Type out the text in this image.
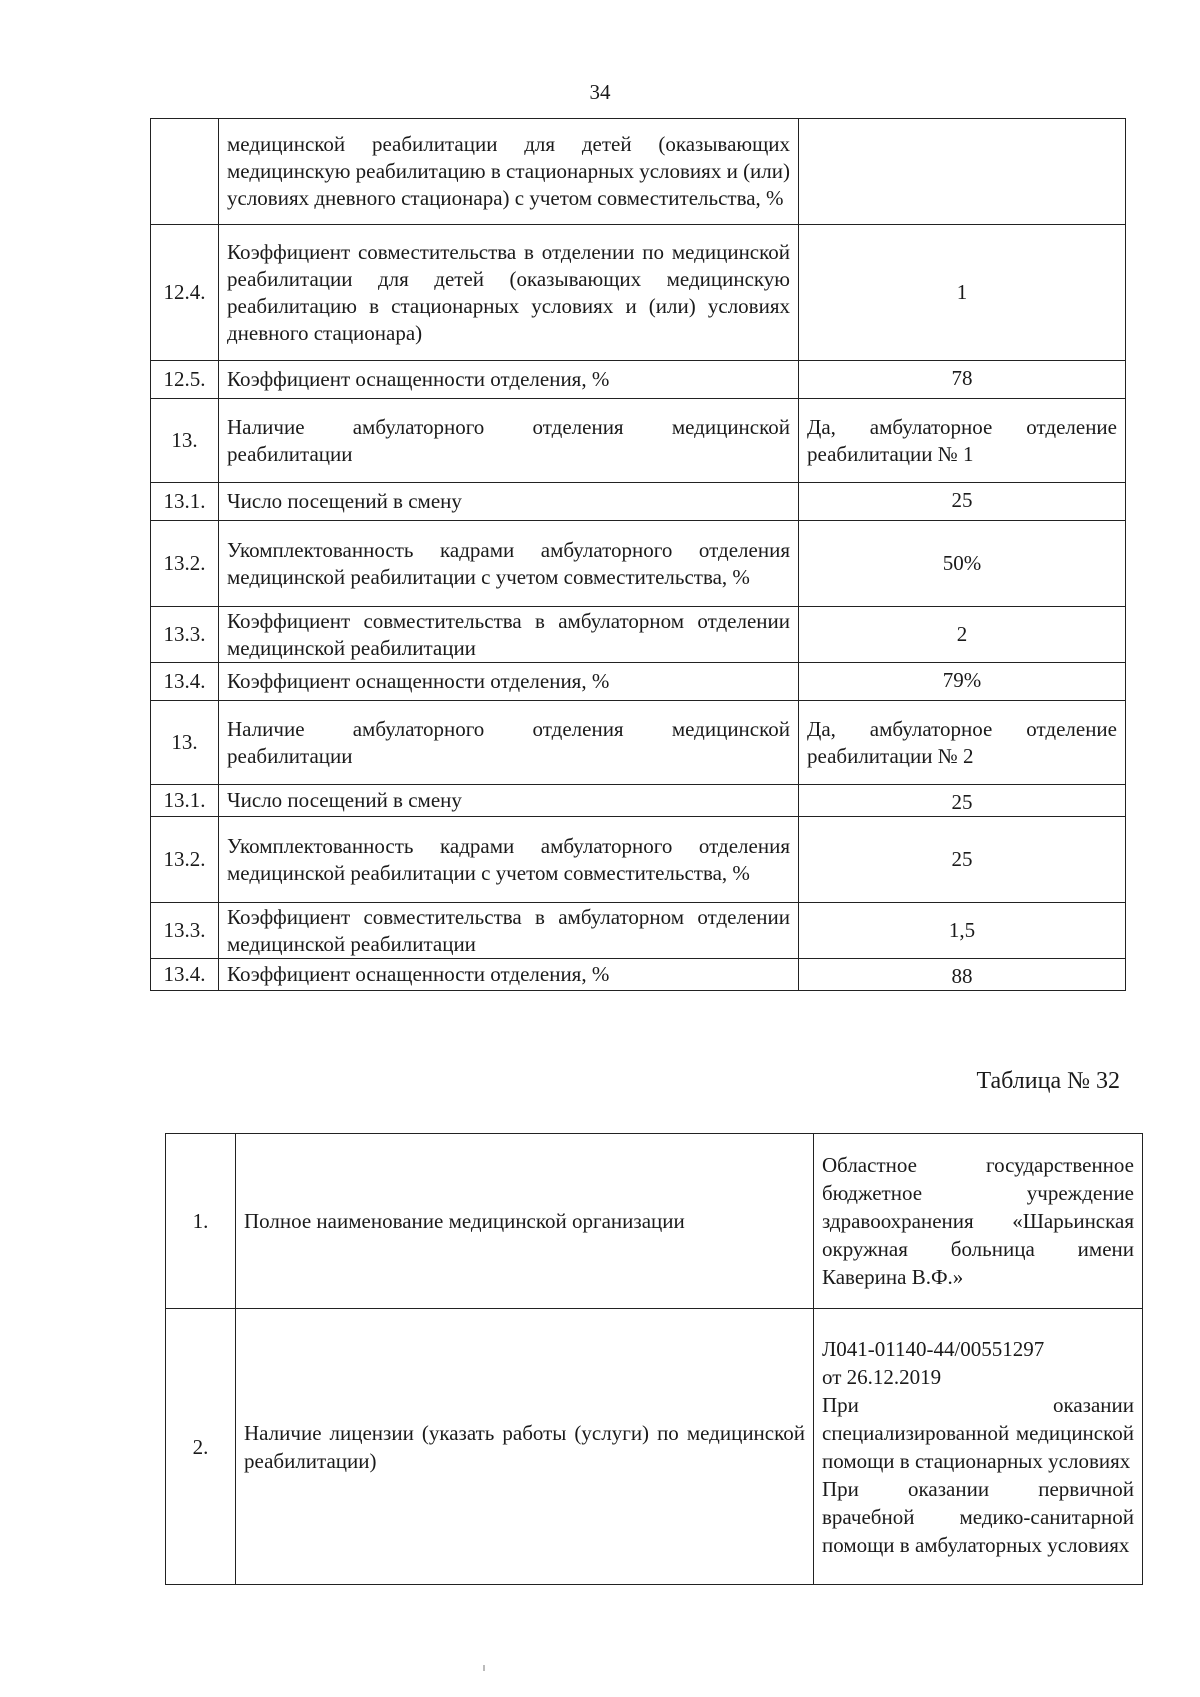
34
	медицинской реабилитации для детей (оказывающих медицинскую реабилитацию в стационарных условиях и (или) условиях дневного стационара) с учетом совместительства, %	
12.4.	Коэффициент совместительства в отделении по медицинской реабилитации для детей (оказывающих медицинскую реабилитацию в стационарных условиях и (или) условиях дневного стационара)	1
12.5.	Коэффициент оснащенности отделения, %	78
13.	Наличие амбулаторного отделения медицинской реабилитации	Да, амбулаторное отделение реабилитации № 1
13.1.	Число посещений в смену	25
13.2.	Укомплектованность кадрами амбулаторного отделения медицинской реабилитации с учетом совместительства, %	50%
13.3.	Коэффициент совместительства в амбулаторном отделении медицинской реабилитации	2
13.4.	Коэффициент оснащенности отделения, %	79%
13.	Наличие амбулаторного отделения медицинской реабилитации	Да, амбулаторное отделение реабилитации № 2
13.1.	Число посещений в смену	25
13.2.	Укомплектованность кадрами амбулаторного отделения медицинской реабилитации с учетом совместительства, %	25
13.3.	Коэффициент совместительства в амбулаторном отделении медицинской реабилитации	1,5
13.4.	Коэффициент оснащенности отделения, %	88
Таблица № 32
1.	Полное наименование медицинской организации	Областное государственное бюджетное учреждение здравоохранения «Шарьинская окружная больница имени Каверина В.Ф.»
2.	Наличие лицензии (указать работы (услуги) по медицинской реабилитации)	Л041-01140-44/00551297
от 26.12.2019
При оказании специализированной медицинской помощи в стационарных условиях
При оказании первичной врачебной медико-санитарной помощи в амбулаторных условиях
